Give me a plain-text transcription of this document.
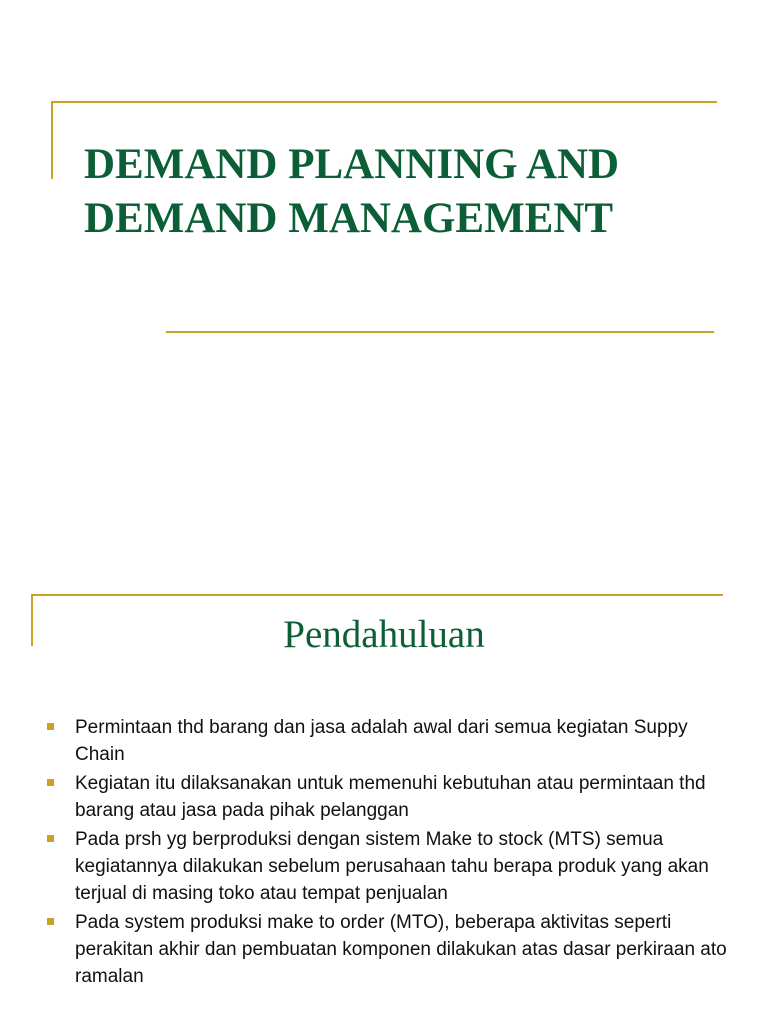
DEMAND PLANNING AND DEMAND MANAGEMENT
Pendahuluan
Permintaan thd barang dan jasa adalah awal dari semua kegiatan Suppy Chain
Kegiatan itu dilaksanakan untuk memenuhi kebutuhan atau permintaan thd barang atau jasa pada pihak pelanggan
Pada prsh yg berproduksi dengan sistem Make to stock (MTS) semua kegiatannya dilakukan sebelum perusahaan tahu berapa produk yang akan terjual di masing toko atau tempat penjualan
Pada system produksi make to order (MTO), beberapa aktivitas seperti perakitan akhir dan pembuatan komponen dilakukan atas dasar perkiraan ato ramalan
